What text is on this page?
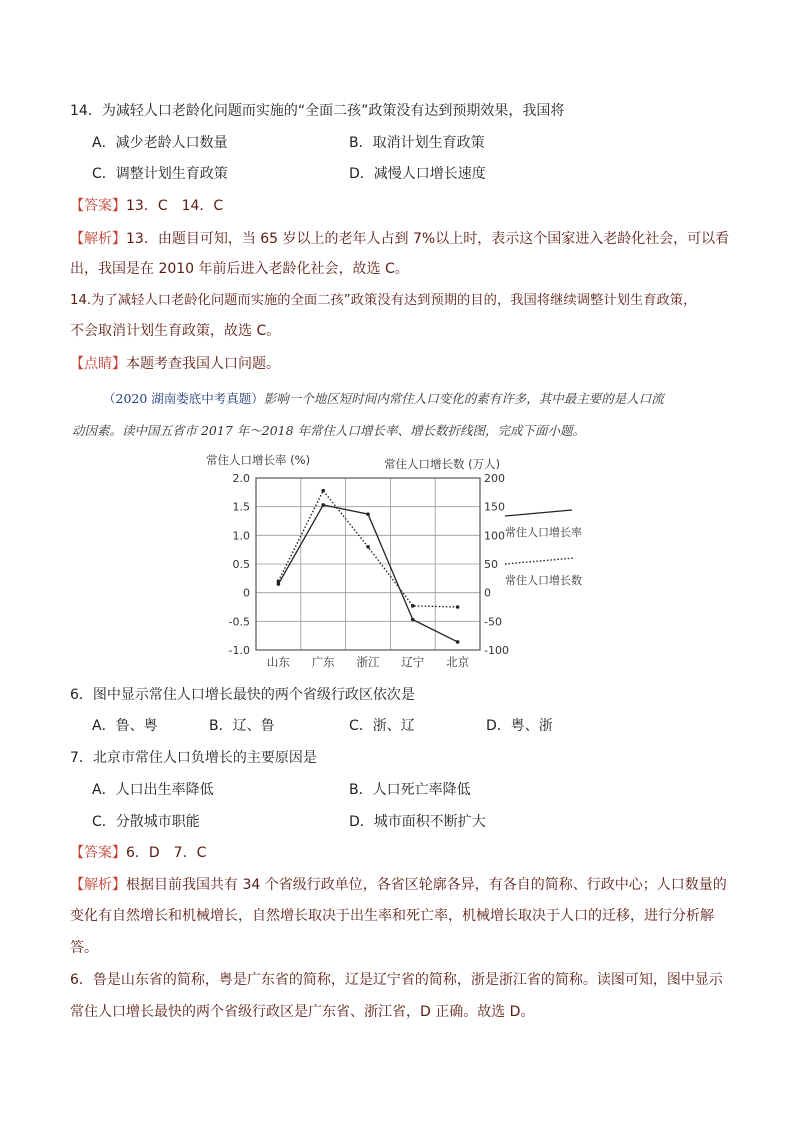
14．为减轻人口老龄化问题而实施的“全面二孩”政策没有达到预期效果，我国将
A．减少老龄人口数量	B．取消计划生育政策
C．调整计划生育政策	D．减慢人口增长速度
【答案】13．C　14．C
【解析】13．由题目可知，当 65 岁以上的老年人占到 7%以上时，表示这个国家进入老龄化社会，可以看
出，我国是在 2010 年前后进入老龄化社会，故选 C。
14.为了减轻人口老龄化问题而实施的全面二孩”政策没有达到预期的目的，我国将继续调整计划生育政策，
不会取消计划生育政策，故选 C。
【点睛】本题考查我国人口问题。
（2020 湖南娄底中考真题）影响一个地区短时间内常住人口变化的素有许多，其中最主要的是人口流
动因素。读中国五省市 2017 年～2018 年常住人口增长率、增长数折线图，完成下面小题。
常住人口增长率 (%)	常住人口增长数 (万人)
2.0
1.5
1.0
0.5
0
-0.5
-1.0
200
150
100
50
0
-50
-100
山东 广东 浙江 辽宁 北京
常住人口增长率
常住人口增长数
6．图中显示常住人口增长最快的两个省级行政区依次是
A．鲁、粤	B．辽、鲁	C．浙、辽	D．粤、浙
7．北京市常住人口负增长的主要原因是
A．人口出生率降低	B．人口死亡率降低
C．分散城市职能	D．城市面积不断扩大
【答案】6．D　7．C
【解析】根据目前我国共有 34 个省级行政单位，各省区轮廓各异，有各自的简称、行政中心；人口数量的
变化有自然增长和机械增长，自然增长取决于出生率和死亡率，机械增长取决于人口的迁移，进行分析解
答。
6．鲁是山东省的简称，粤是广东省的简称，辽是辽宁省的简称，浙是浙江省的简称。读图可知，图中显示
常住人口增长最快的两个省级行政区是广东省、浙江省，D 正确。故选 D。
